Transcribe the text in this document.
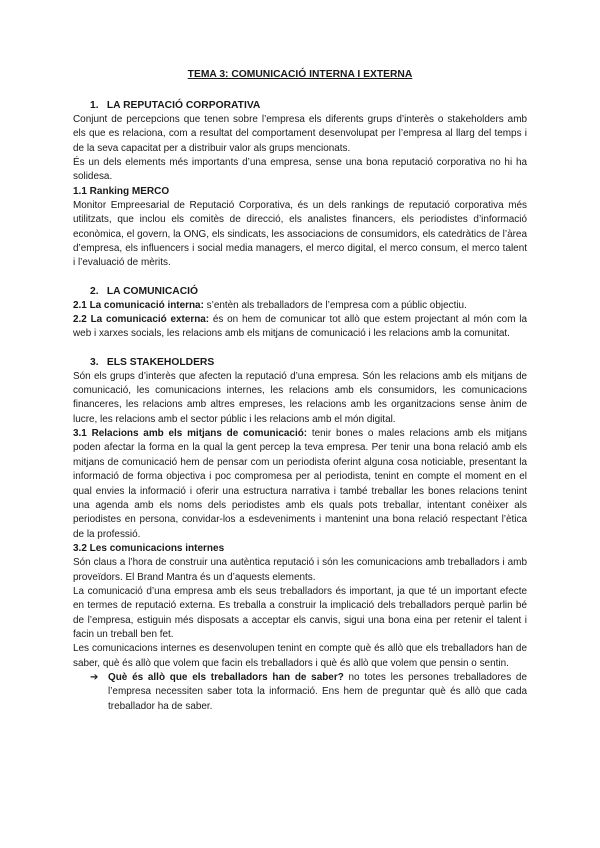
TEMA 3: COMUNICACIÓ INTERNA I EXTERNA

1. LA REPUTACIÓ CORPORATIVA

Conjunt de percepcions que tenen sobre l’empresa els diferents grups d’interès o stakeholders amb els que es relaciona, com a resultat del comportament desenvolupat per l’empresa al llarg del temps i de la seva capacitat per a distribuir valor als grups mencionats.

És un dels elements més importants d’una empresa, sense una bona reputació corporativa no hi ha solidesa.

1.1 Ranking MERCO

Monitor Empreesarial de Reputació Corporativa, és un dels rankings de reputació corporativa més utilitzats, que inclou els comitès de direcció, els analistes financers, els periodistes d’informació econòmica, el govern, la ONG, els sindicats, les associacions de consumidors, els catedràtics de l’àrea d’empresa, els influencers i social media managers, el merco digital, el merco consum, el merco talent i l’evaluació de mèrits.

2. LA COMUNICACIÓ

2.1 La comunicació interna: s’entèn als treballadors de l’empresa com a públic objectiu.

2.2 La comunicació externa: és on hem de comunicar tot allò que estem projectant al món com la web i xarxes socials, les relacions amb els mitjans de comunicació i les relacions amb la comunitat.

3. ELS STAKEHOLDERS

Són els grups d’interès que afecten la reputació d’una empresa. Són les relacions amb els mitjans de comunicació, les comunicacions internes, les relacions amb els consumidors, les comunicacions financeres, les relacions amb altres empreses, les relacions amb les organitzacions sense ànim de lucre, les relacions amb el sector públic i les relacions amb el món digital.

3.1 Relacions amb els mitjans de comunicació: tenir bones o males relacions amb els mitjans poden afectar la forma en la qual la gent percep la teva empresa. Per tenir una bona relació amb els mitjans de comunicació hem de pensar com un periodista oferint alguna cosa noticiable, presentant la informació de forma objectiva i poc compromesa per al periodista, tenint en compte el moment en el qual envies la informació i oferir una estructura narrativa i també treballar les bones relacions tenint una agenda amb els noms dels periodistes amb els quals pots treballar, intentant conèixer als periodistes en persona, convidar-los a esdeveniments i mantenint una bona relació respectant l’ètica de la professió.

3.2 Les comunicacions internes

Són claus a l’hora de construir una autèntica reputació i són les comunicacions amb treballadors i amb proveïdors. El Brand Mantra és un d’aquests elements.

La comunicació d’una empresa amb els seus treballadors és important, ja que té un important efecte en termes de reputació externa. Es treballa a construir la implicació dels treballadors perquè parlin bé de l’empresa, estiguin més disposats a acceptar els canvis, sigui una bona eina per retenir el talent i facin un treball ben fet.

Les comunicacions internes es desenvolupen tenint en compte què és allò que els treballadors han de saber, què és allò que volem que facin els treballadors i què és allò que volem que pensin o sentin.

➔ Què és allò que els treballadors han de saber? no totes les persones treballadores de l’empresa necessiten saber tota la informació. Ens hem de preguntar què és allò que cada treballador ha de saber.
